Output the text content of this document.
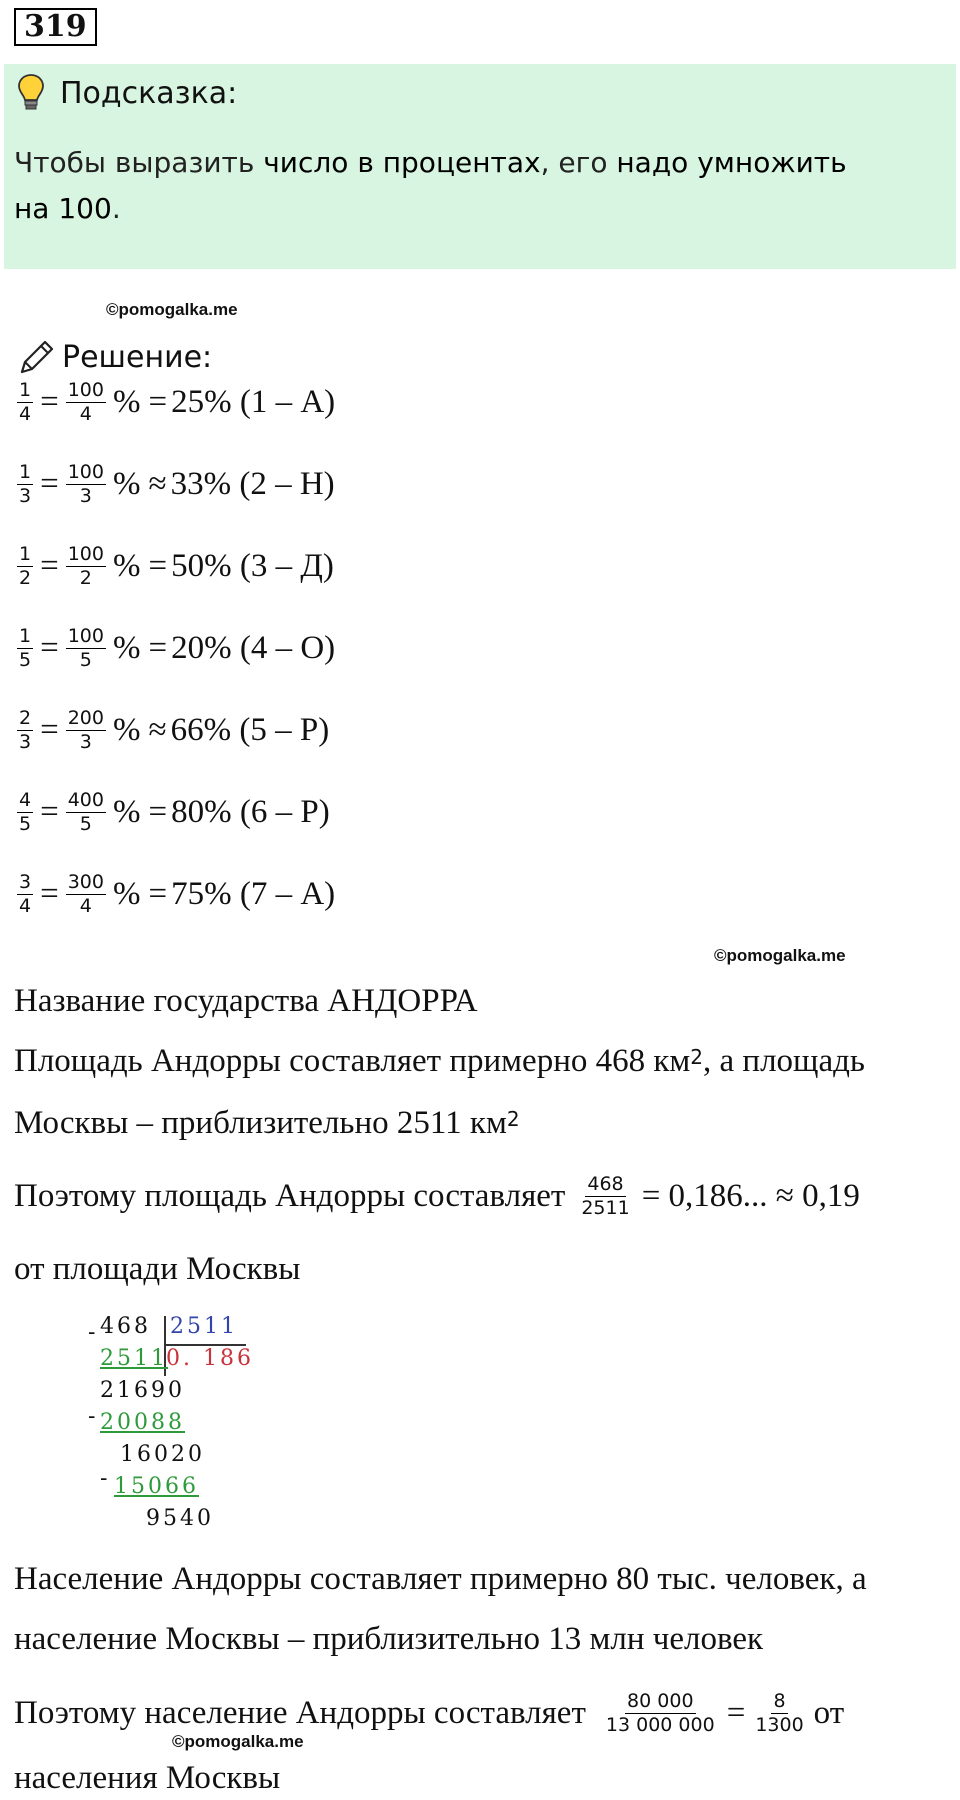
319
Подсказка:
Чтобы выразить число в процентах, его надо умножить
на 100.
©pomogalka.me
Решение:
$\frac{1}{4} = \frac{100}{4}$ % = 25% (1 – А)
$\frac{1}{3} = \frac{100}{3}$ % ≈ 33% (2 – Н)
$\frac{1}{2} = \frac{100}{2}$ % = 50% (3 – Д)
$\frac{1}{5} = \frac{100}{5}$ % = 20% (4 – О)
$\frac{2}{3} = \frac{200}{3}$ % ≈ 66% (5 – Р)
$\frac{4}{5} = \frac{400}{5}$ % = 80% (6 – Р)
$\frac{3}{4} = \frac{300}{4}$ % = 75% (7 – А)
©pomogalka.me
Название государства АНДОРРА
Площадь Андорры составляет примерно 468 $км^2$ , а площадь
Москвы – приблизительно 2511 $км^2$
Поэтому площадь Андорры составляет $\frac{468}{2511} = 0,186$... ≈ 0,19
от площади Москвы
- 468 2511
2511
0. 186
21690
- 20088
16020
- 15066
9540
Население Андорры составляет примерно 80 тыс. человек, а
население Москвы – приблизительно 13 млн человек
Поэтому население Андорры составляет $\frac{80 000}{13 000 000} = \frac{8}{1300}$ от
©pomogalka.me
населения Москвы
